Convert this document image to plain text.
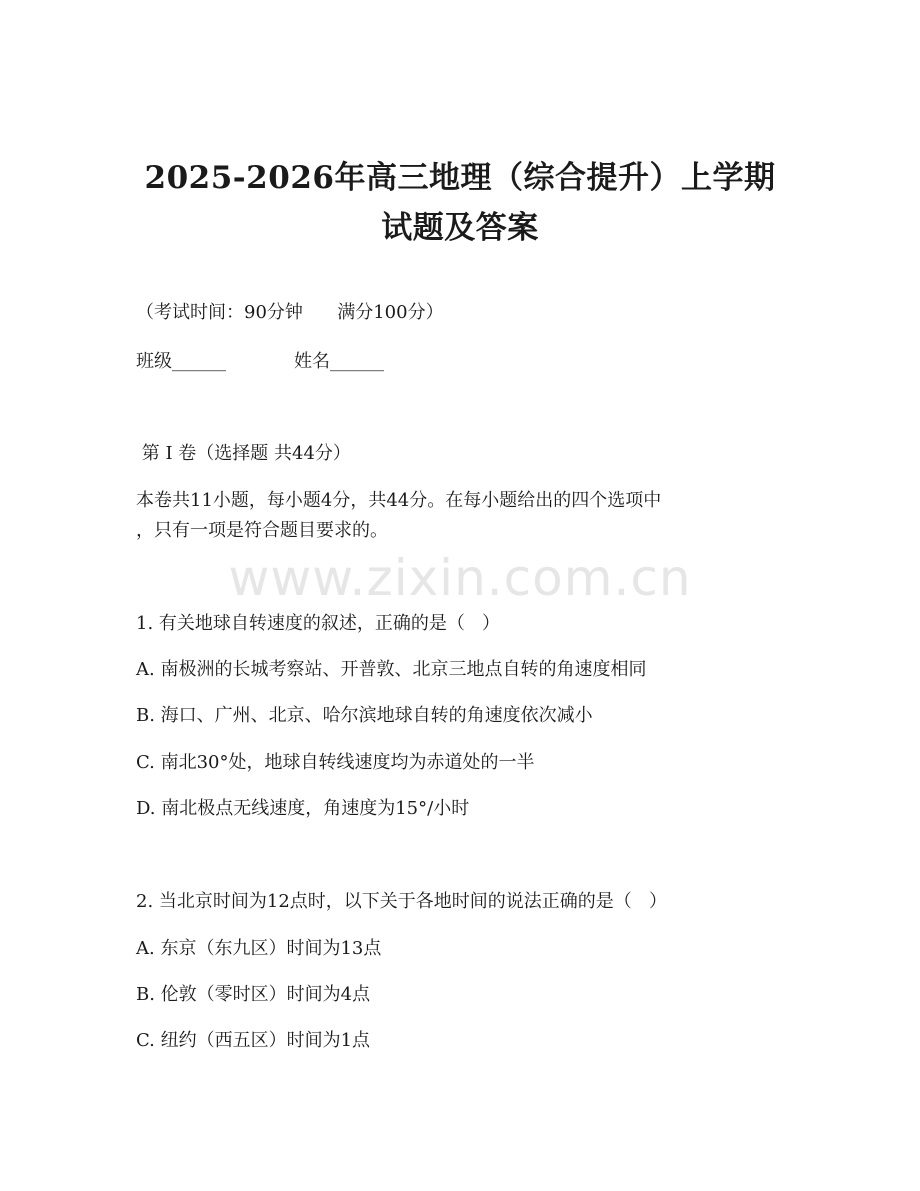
2025-2026年高三地理（综合提升）上学期
试题及答案

（考试时间：90分钟      满分100分）

班级______	姓名______

第 I 卷（选择题 共44分）

本卷共11小题，每小题4分，共44分。在每小题给出的四个选项中

，只有一项是符合题目要求的。

www.zixin.com.cn

1. 有关地球自转速度的叙述，正确的是（   ）

A. 南极洲的长城考察站、开普敦、北京三地点自转的角速度相同

B. 海口、广州、北京、哈尔滨地球自转的角速度依次减小

C. 南北30°处，地球自转线速度均为赤道处的一半

D. 南北极点无线速度，角速度为15°/小时

2. 当北京时间为12点时，以下关于各地时间的说法正确的是（   ）

A. 东京（东九区）时间为13点

B. 伦敦（零时区）时间为4点

C. 纽约（西五区）时间为1点
